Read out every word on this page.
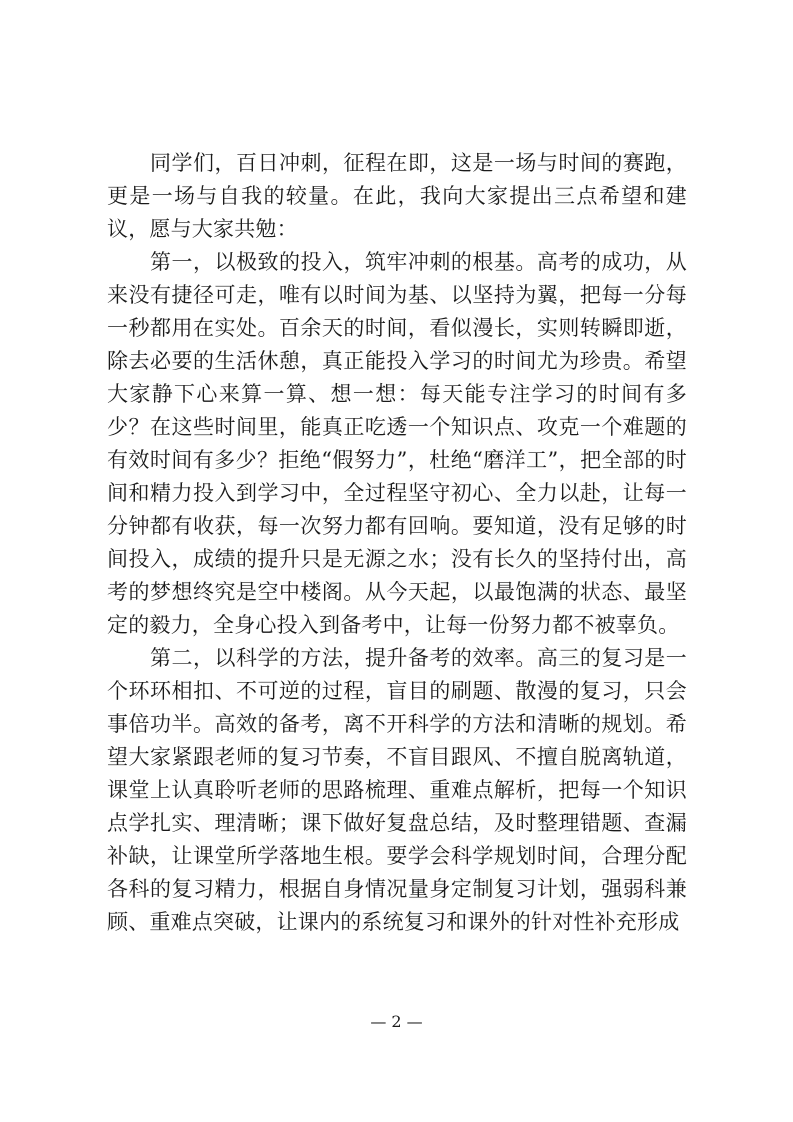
同学们，百日冲刺，征程在即，这是一场与时间的赛跑，更是一场与自我的较量。在此，我向大家提出三点希望和建议，愿与大家共勉：

第一，以极致的投入，筑牢冲刺的根基。高考的成功，从来没有捷径可走，唯有以时间为基、以坚持为翼，把每一分每一秒都用在实处。百余天的时间，看似漫长，实则转瞬即逝，除去必要的生活休憩，真正能投入学习的时间尤为珍贵。希望大家静下心来算一算、想一想：每天能专注学习的时间有多少？在这些时间里，能真正吃透一个知识点、攻克一个难题的有效时间有多少？拒绝“假努力”，杜绝“磨洋工”，把全部的时间和精力投入到学习中，全过程坚守初心、全力以赴，让每一分钟都有收获，每一次努力都有回响。要知道，没有足够的时间投入，成绩的提升只是无源之水；没有长久的坚持付出，高考的梦想终究是空中楼阁。从今天起，以最饱满的状态、最坚定的毅力，全身心投入到备考中，让每一份努力都不被辜负。

第二，以科学的方法，提升备考的效率。高三的复习是一个环环相扣、不可逆的过程，盲目的刷题、散漫的复习，只会事倍功半。高效的备考，离不开科学的方法和清晰的规划。希望大家紧跟老师的复习节奏，不盲目跟风、不擅自脱离轨道，课堂上认真聆听老师的思路梳理、重难点解析，把每一个知识点学扎实、理清晰；课下做好复盘总结，及时整理错题、查漏补缺，让课堂所学落地生根。要学会科学规划时间，合理分配各科的复习精力，根据自身情况量身定制复习计划，强弱科兼顾、重难点突破，让课内的系统复习和课外的针对性补充形成

— 2 —
